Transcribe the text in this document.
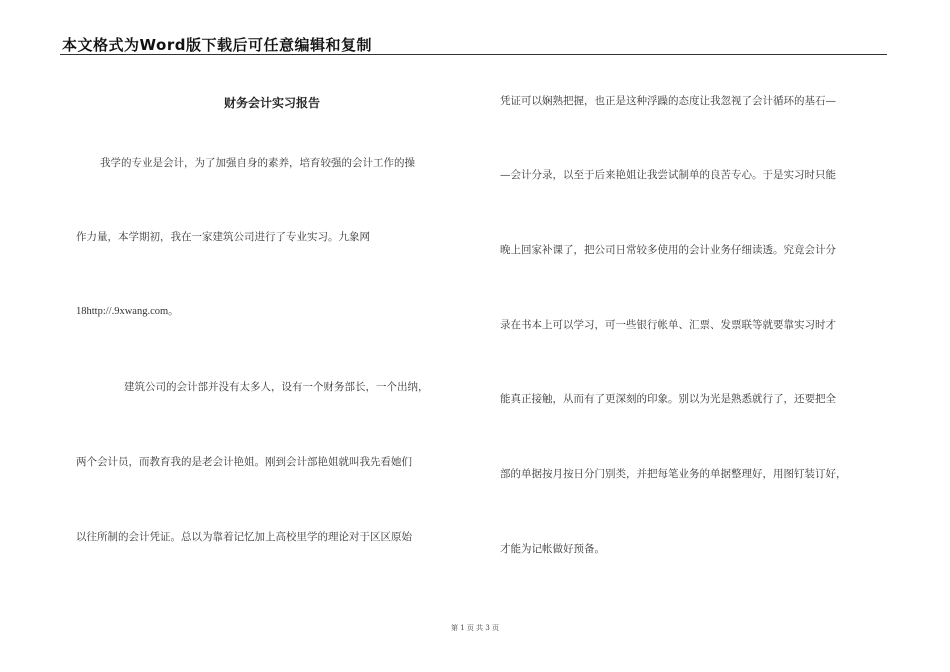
本文格式为Word版下载后可任意编辑和复制
财务会计实习报告
我学的专业是会计，为了加强自身的素养，培育较强的会计工作的操
作力量，本学期初，我在一家建筑公司进行了专业实习。九象网
18http://.9xwang.com。
建筑公司的会计部并没有太多人，设有一个财务部长，一个出纳，
两个会计员，而教育我的是老会计艳姐。刚到会计部艳姐就叫我先看她们
以往所制的会计凭证。总以为靠着记忆加上高校里学的理论对于区区原始
凭证可以娴熟把握，也正是这种浮躁的态度让我忽视了会计循环的基石—
—会计分录，以至于后来艳姐让我尝试制单的良苦专心。于是实习时只能
晚上回家补课了，把公司日常较多使用的会计业务仔细读透。究竟会计分
录在书本上可以学习，可一些银行帐单、汇票、发票联等就要靠实习时才
能真正接触，从而有了更深刻的印象。别以为光是熟悉就行了，还要把全
部的单据按月按日分门别类，并把每笔业务的单据整理好，用图钉装订好，
才能为记帐做好预备。
第 1 页 共 3 页
